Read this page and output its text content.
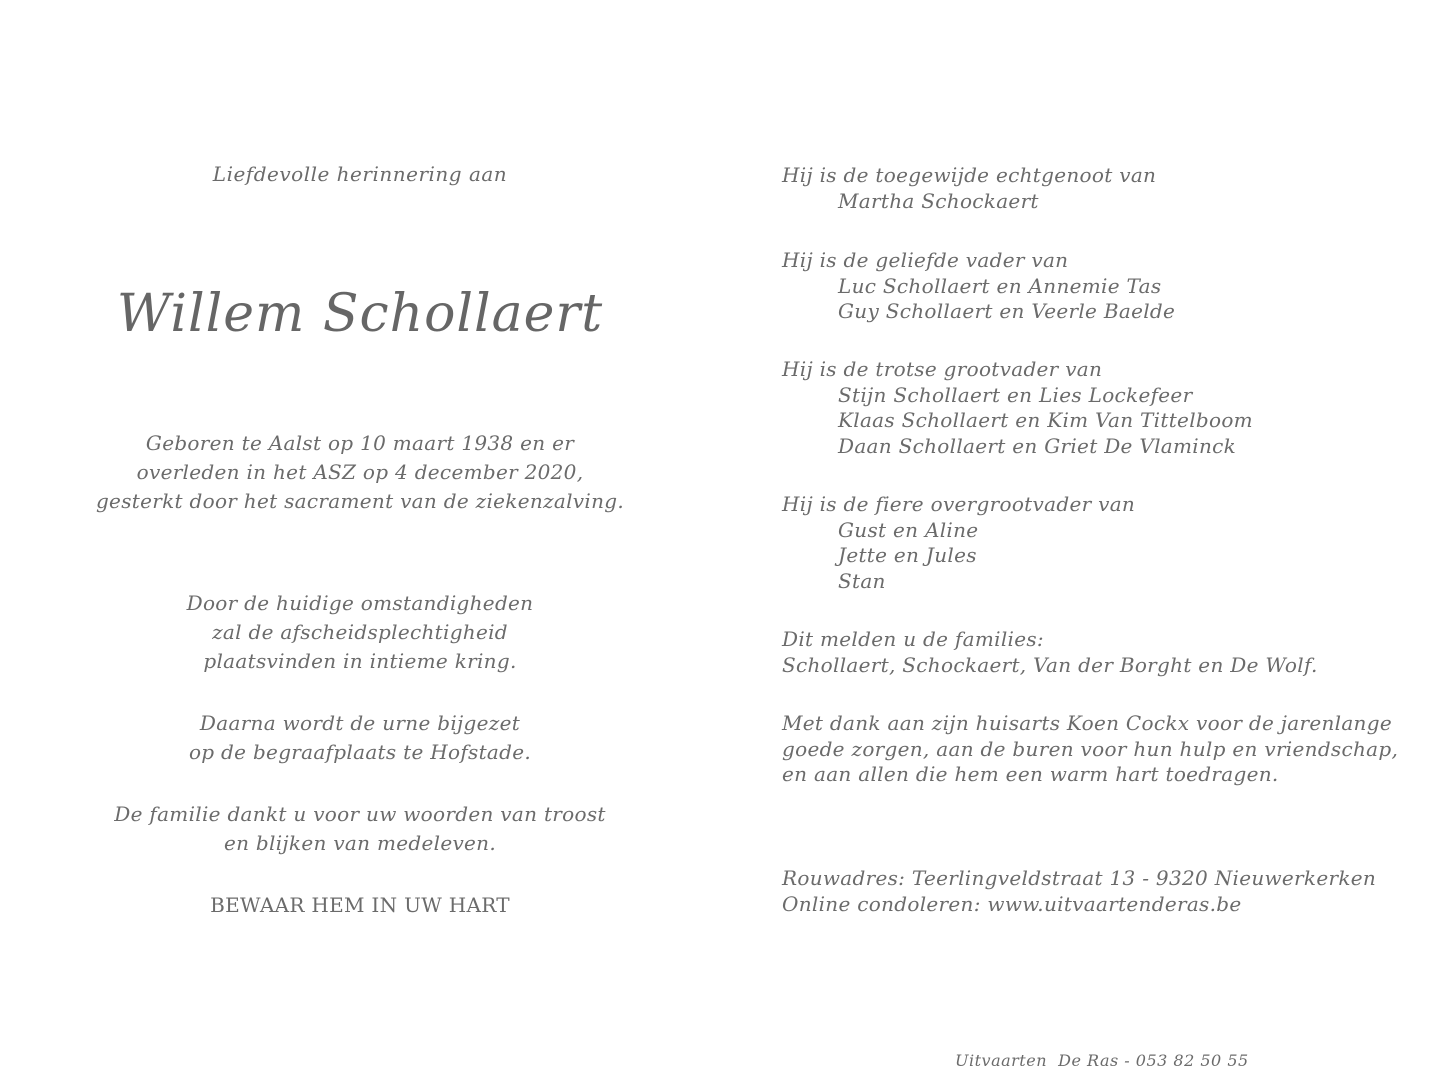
Liefdevolle herinnering aan
Willem Schollaert
Geboren te Aalst op 10 maart 1938 en er
overleden in het ASZ op 4 december 2020,
gesterkt door het sacrament van de ziekenzalving.
Door de huidige omstandigheden
zal de afscheidsplechtigheid
plaatsvinden in intieme kring.
Daarna wordt de urne bijgezet
op de begraafplaats te Hofstade.
De familie dankt u voor uw woorden van troost
en blijken van medeleven.
BEWAAR HEM IN UW HART
Hij is de toegewijde echtgenoot van
Martha Schockaert
Hij is de geliefde vader van
Luc Schollaert en Annemie Tas
Guy Schollaert en Veerle Baelde
Hij is de trotse grootvader van
Stijn Schollaert en Lies Lockefeer
Klaas Schollaert en Kim Van Tittelboom
Daan Schollaert en Griet De Vlaminck
Hij is de fiere overgrootvader van
Gust en Aline
Jette en Jules
Stan
Dit melden u de families:
Schollaert, Schockaert, Van der Borght en De Wolf.
Met dank aan zijn huisarts Koen Cockx voor de jarenlange
goede zorgen, aan de buren voor hun hulp en vriendschap,
en aan allen die hem een warm hart toedragen.
Rouwadres: Teerlingveldstraat 13 - 9320 Nieuwerkerken
Online condoleren: www.uitvaartenderas.be
Uitvaarten  De Ras - 053 82 50 55
